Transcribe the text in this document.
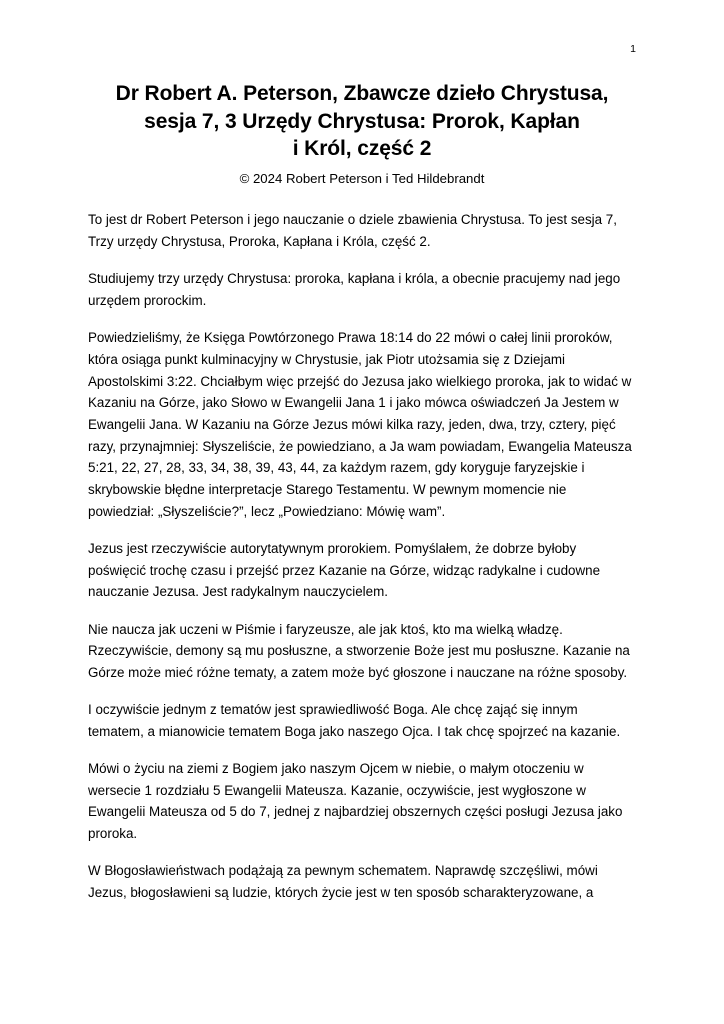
1
Dr Robert A. Peterson, Zbawcze dzieło Chrystusa,
sesja 7, 3 Urzędy Chrystusa: Prorok, Kapłan
i Król, część 2
© 2024 Robert Peterson i Ted Hildebrandt

To jest dr Robert Peterson i jego nauczanie o dziele zbawienia Chrystusa. To jest sesja 7, Trzy urzędy Chrystusa, Proroka, Kapłana i Króla, część 2.

Studiujemy trzy urzędy Chrystusa: proroka, kapłana i króla, a obecnie pracujemy nad jego urzędem prorockim.

Powiedzieliśmy, że Księga Powtórzonego Prawa 18:14 do 22 mówi o całej linii proroków, która osiąga punkt kulminacyjny w Chrystusie, jak Piotr utożsamia się z Dziejami Apostolskimi 3:22. Chciałbym więc przejść do Jezusa jako wielkiego proroka, jak to widać w Kazaniu na Górze, jako Słowo w Ewangelii Jana 1 i jako mówca oświadczeń Ja Jestem w Ewangelii Jana. W Kazaniu na Górze Jezus mówi kilka razy, jeden, dwa, trzy, cztery, pięć razy, przynajmniej: Słyszeliście, że powiedziano, a Ja wam powiadam, Ewangelia Mateusza 5:21, 22, 27, 28, 33, 34, 38, 39, 43, 44, za każdym razem, gdy koryguje faryzejskie i skrybowskie błędne interpretacje Starego Testamentu. W pewnym momencie nie powiedział: „Słyszeliście?”, lecz „Powiedziano: Mówię wam”.

Jezus jest rzeczywiście autorytatywnym prorokiem. Pomyślałem, że dobrze byłoby poświęcić trochę czasu i przejść przez Kazanie na Górze, widząc radykalne i cudowne nauczanie Jezusa. Jest radykalnym nauczycielem.

Nie naucza jak uczeni w Piśmie i faryzeusze, ale jak ktoś, kto ma wielką władzę. Rzeczywiście, demony są mu posłuszne, a stworzenie Boże jest mu posłuszne. Kazanie na Górze może mieć różne tematy, a zatem może być głoszone i nauczane na różne sposoby.

I oczywiście jednym z tematów jest sprawiedliwość Boga. Ale chcę zająć się innym tematem, a mianowicie tematem Boga jako naszego Ojca. I tak chcę spojrzeć na kazanie.

Mówi o życiu na ziemi z Bogiem jako naszym Ojcem w niebie, o małym otoczeniu w wersecie 1 rozdziału 5 Ewangelii Mateusza. Kazanie, oczywiście, jest wygłoszone w Ewangelii Mateusza od 5 do 7, jednej z najbardziej obszernych części posługi Jezusa jako proroka.

W Błogosławieństwach podążają za pewnym schematem. Naprawdę szczęśliwi, mówi Jezus, błogosławieni są ludzie, których życie jest w ten sposób scharakteryzowane, a
